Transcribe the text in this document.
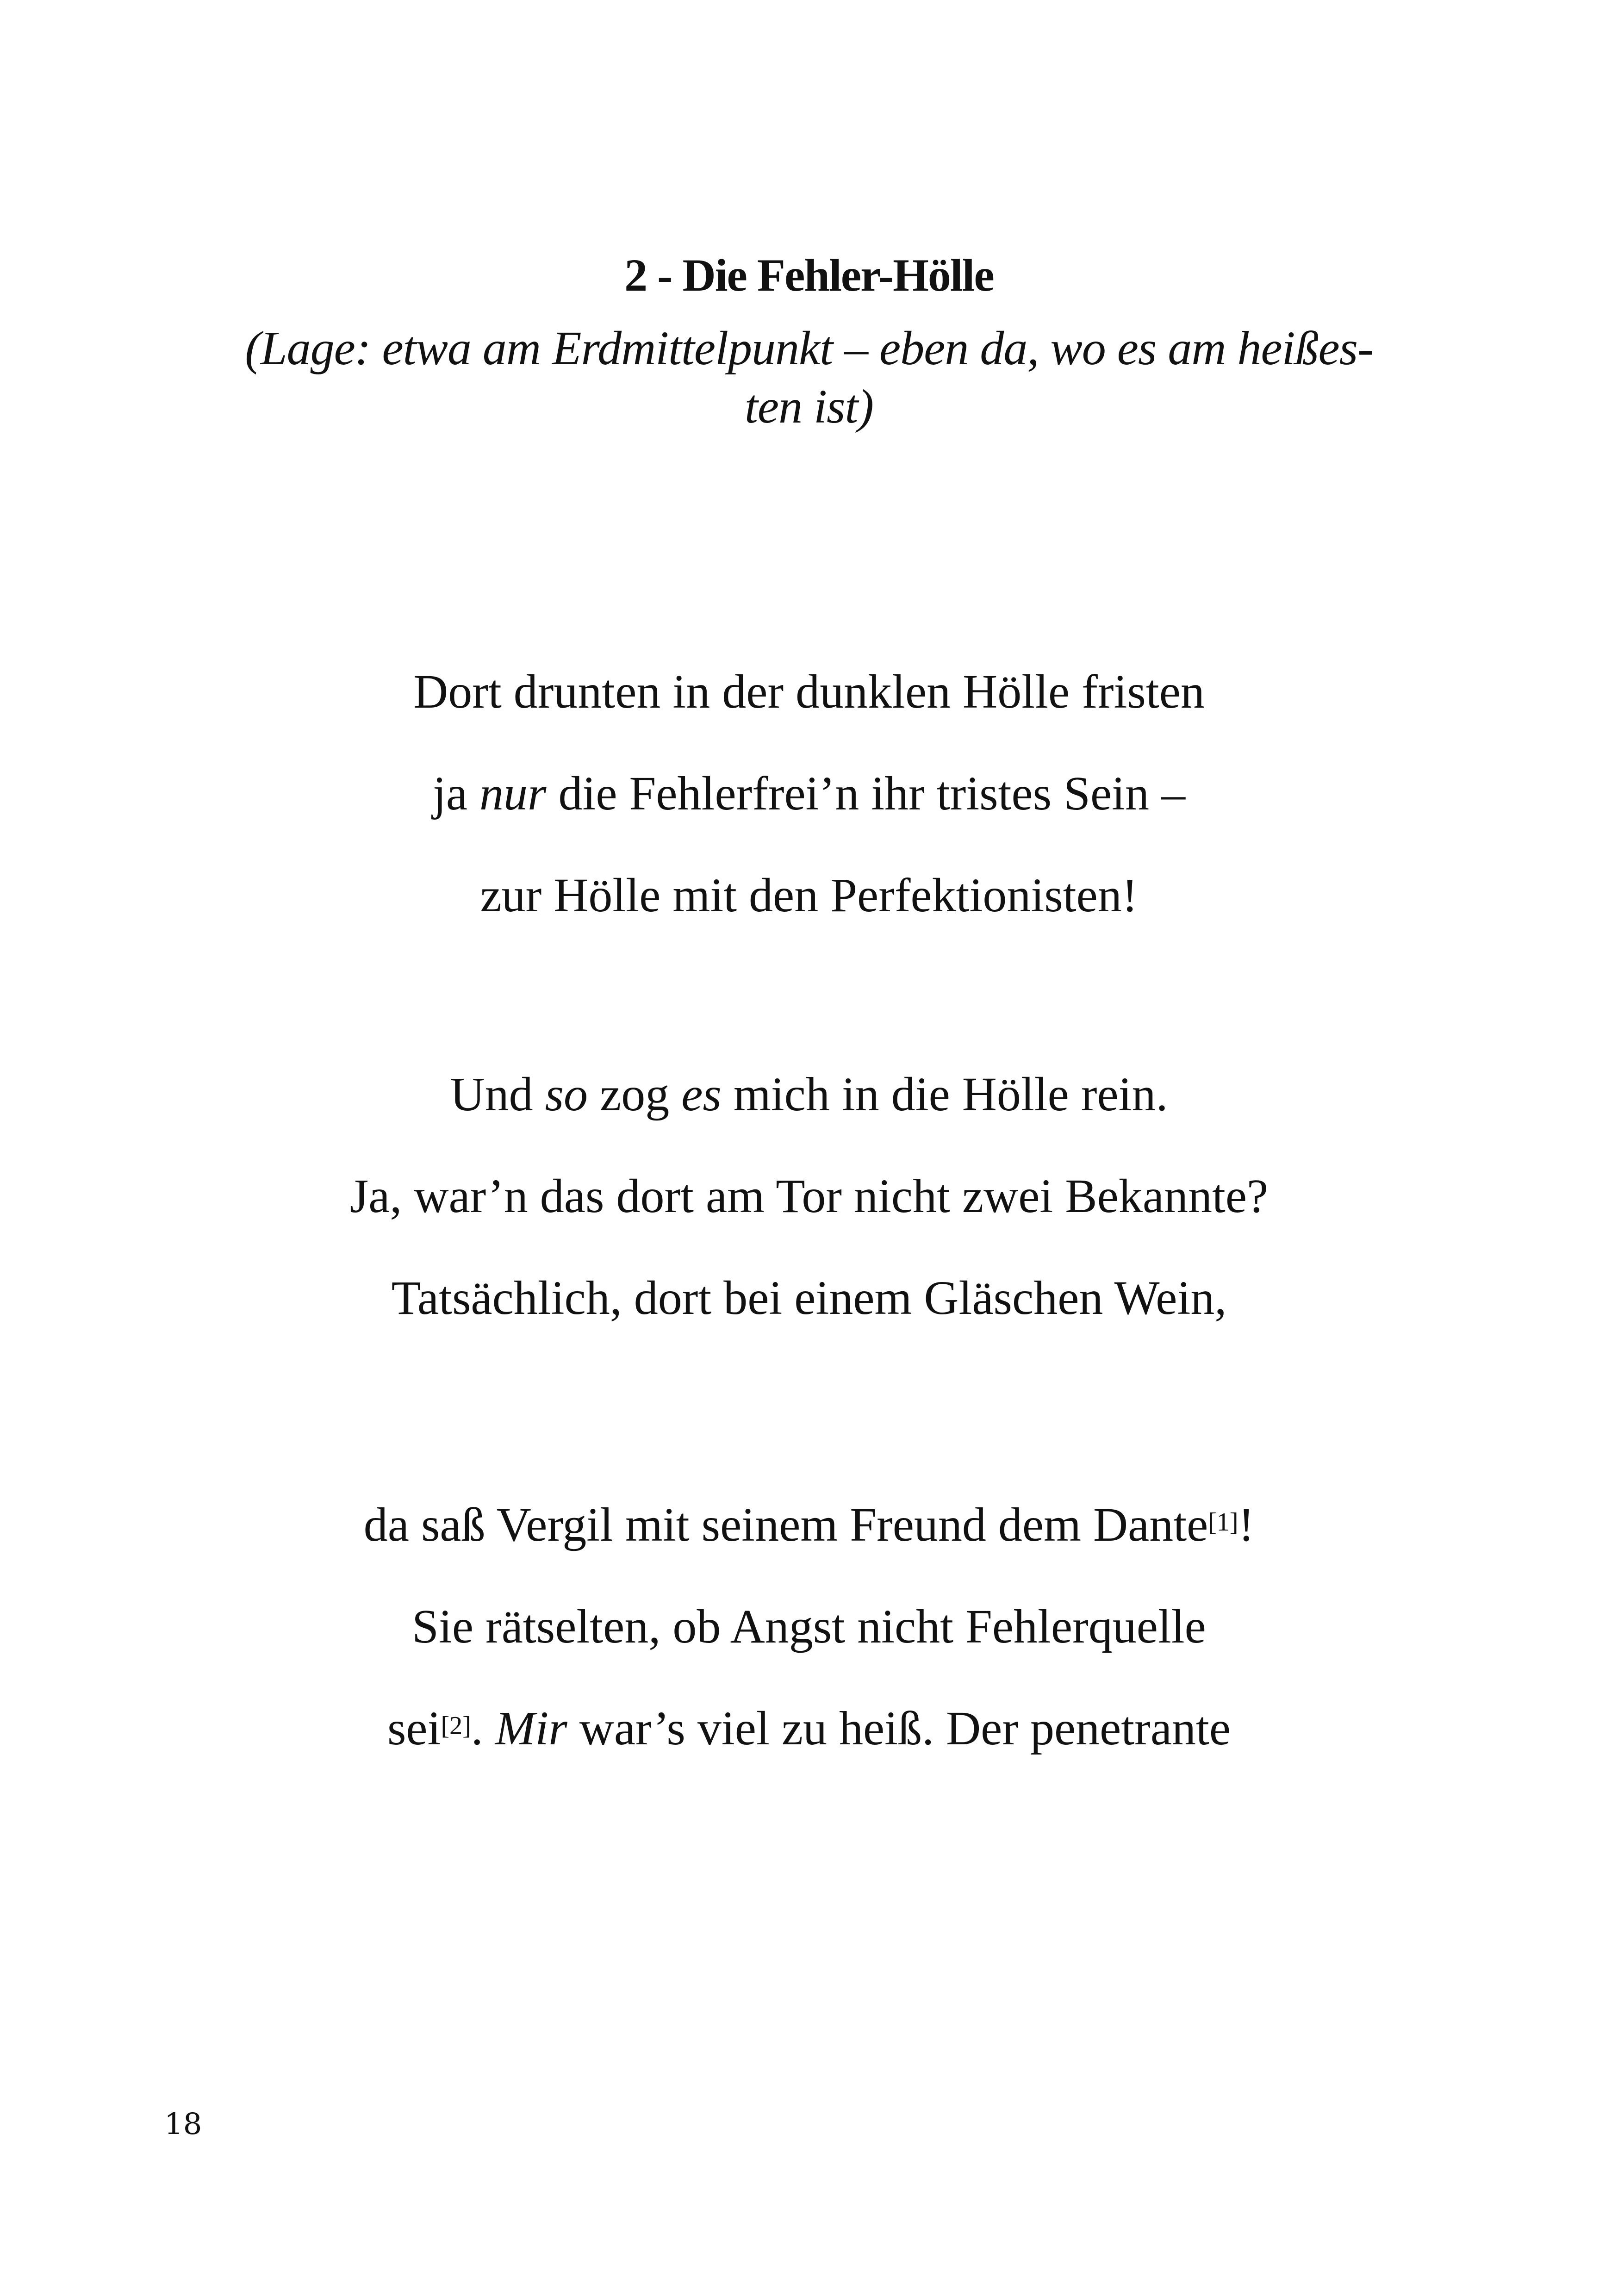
2 - Die Fehler-Hölle
(Lage: etwa am Erdmittelpunkt – eben da, wo es am heißes-
ten ist)
Dort drunten in der dunklen Hölle fristen
ja nur die Fehlerfrei’n ihr tristes Sein –
zur Hölle mit den Perfektionisten!
Und so zog es mich in die Hölle rein.
Ja, war’n das dort am Tor nicht zwei Bekannte?
Tatsächlich, dort bei einem Gläschen Wein,
da saß Vergil mit seinem Freund dem Dante[1]!
Sie rätselten, ob Angst nicht Fehlerquelle
sei[2]. Mir war’s viel zu heiß. Der penetrante
18
